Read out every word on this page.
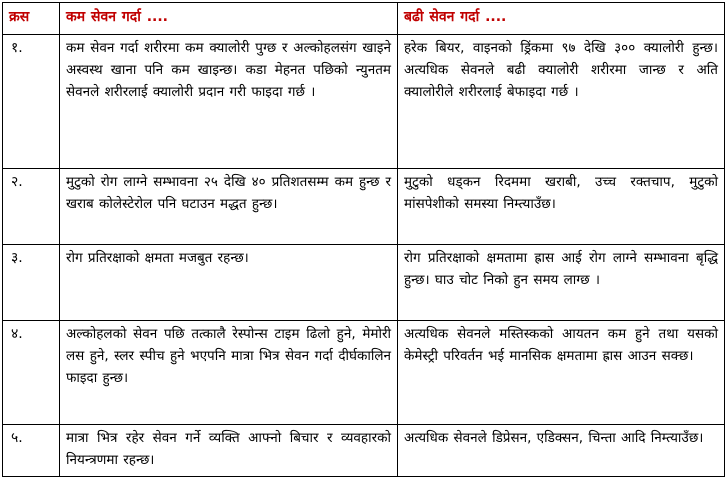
क्रस	कम सेवन गर्दा ....	बढी सेवन गर्दा ....
१.	कम सेवन गर्दा शरीरमा कम क्यालोरी पुग्छ र अल्कोहलसंग खाइने अस्वस्थ खाना पनि कम खाइन्छ। कडा मेहनत पछिको न्युनतम सेवनले शरीरलाई क्यालोरी प्रदान गरी फाइदा गर्छ ।	हरेक बियर, वाइनको ड्रिंकमा ९७ देखि ३०० क्यालोरी हुन्छ। अत्यधिक सेवनले बढी क्यालोरी शरीरमा जान्छ र अति क्यालोरीले शरीरलाई बेफाइदा गर्छ ।
२.	मुटुको रोग लाग्ने सम्भावना २५ देखि ४० प्रतिशतसम्म कम हुन्छ र खराब कोलेस्टेरोल पनि घटाउन मद्धत हुन्छ।	मुटुको धड्कन रिदममा खराबी, उच्च रक्तचाप, मुटुको मांसपेशीको समस्या निम्त्याउँछ।
३.	रोग प्रतिरक्षाको क्षमता मजबुत रहन्छ।	रोग प्रतिरक्षाको क्षमतामा ह्रास आई रोग लाग्ने सम्भावना बृद्धि हुन्छ। घाउ चोट निको हुन समय लाग्छ ।
४.	अल्कोहलको सेवन पछि तत्कालै रेस्पोन्स टाइम ढिलो हुने, मेमोरी लस हुने, स्लर स्पीच हुने भएपनि मात्रा भित्र सेवन गर्दा दीर्घकालिन फाइदा हुन्छ।	अत्यधिक सेवनले मस्तिस्कको आयतन कम हुने तथा यसको केमेस्ट्री परिवर्तन भई मानसिक क्षमतामा ह्रास आउन सक्छ।
५.	मात्रा भित्र रहेर सेवन गर्ने व्यक्ति आफ्नो बिचार र व्यवहारको नियन्त्रणमा रहन्छ।	अत्यधिक सेवनले डिप्रेसन, एडिक्सन, चिन्ता आदि निम्त्याउँछ।
